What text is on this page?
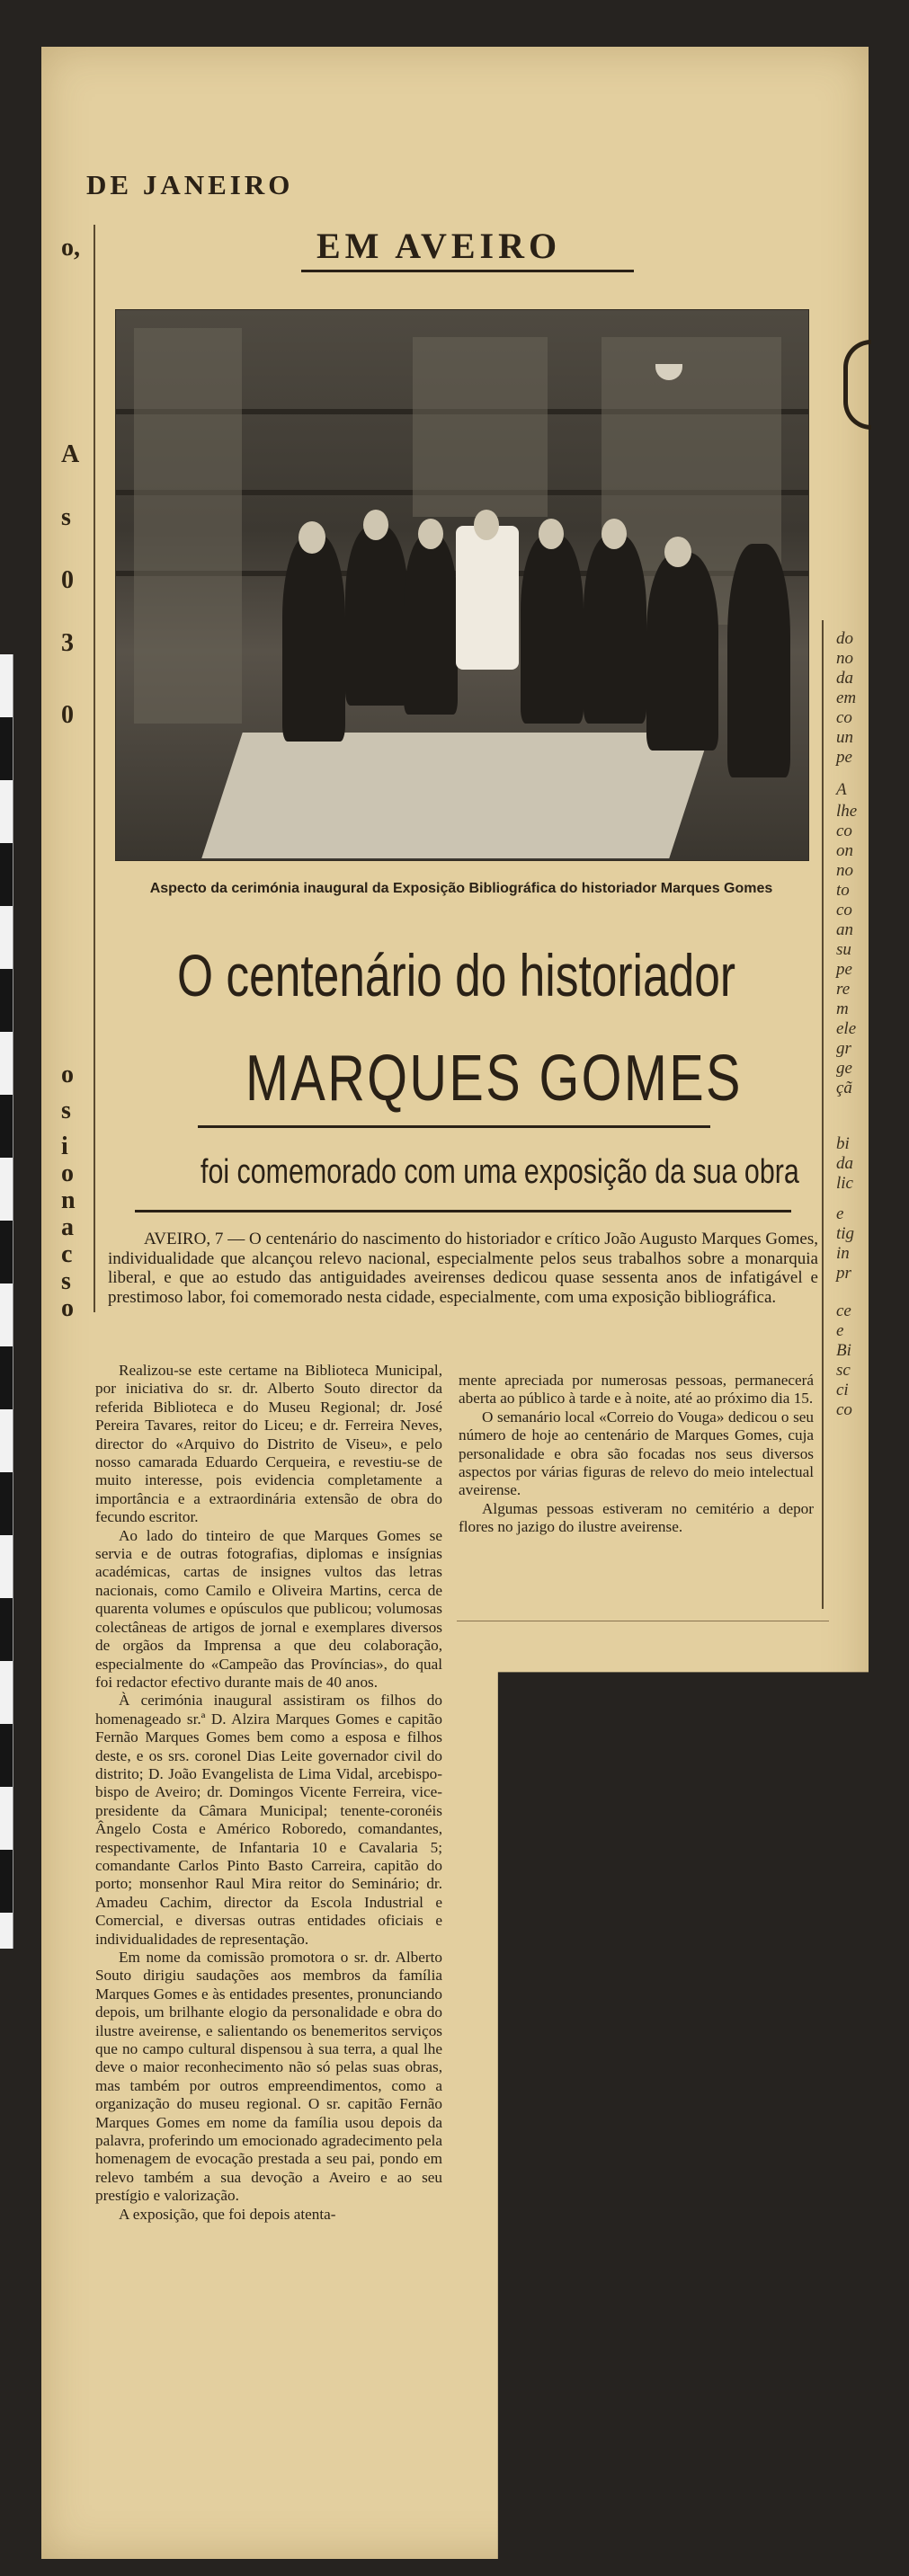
o,
A
s
0
3
0
o
s
i
o
n
a
c
s
o
do
no
da
em
co
un
pe
A
lhe
co
on
no
to
co
an
su
pe
re
m
ele
gr
ge
çã
bi
da
lic
e
tig
in
pr
ce
e
Bi
sc
ci
co
DE JANEIRO
EM AVEIRO
Aspecto da cerimónia inaugural da Exposição Bibliográfica do historiador Marques Gomes
O centenário do historiador
MARQUES GOMES
foi comemorado com uma exposição da sua obra
AVEIRO, 7 — O centenário do nascimento do historiador e crítico João Augusto Marques Gomes, individualidade que alcançou relevo nacional, especialmente pelos seus trabalhos sobre a monarquia liberal, e que ao estudo das antiguidades aveirenses dedicou quase sessenta anos de infatigável e prestimoso labor, foi comemorado nesta cidade, especialmente, com uma exposição bibliográfica.

Realizou-se este certame na Biblioteca Municipal, por iniciativa do sr. dr. Alberto Souto director da referida Biblioteca e do Museu Regional; dr. José Pereira Tavares, reitor do Liceu; e dr. Ferreira Neves, director do «Arquivo do Distrito de Viseu», e pelo nosso camarada Eduardo Cerqueira, e revestiu-se de muito interesse, pois evidencia completamente a importância e a extraordinária extensão de obra do fecundo escritor.

Ao lado do tinteiro de que Marques Gomes se servia e de outras fotografias, diplomas e insígnias académicas, cartas de insignes vultos das letras nacionais, como Camilo e Oliveira Martins, cerca de quarenta volumes e opúsculos que publicou; volumosas colectâneas de artigos de jornal e exemplares diversos de orgãos da Imprensa a que deu colaboração, especialmente do «Campeão das Províncias», do qual foi redactor efectivo durante mais de 40 anos.

À cerimónia inaugural assistiram os filhos do homenageado sr.ª D. Alzira Marques Gomes e capitão Fernão Marques Gomes bem como a esposa e filhos deste, e os srs. coronel Dias Leite governador civil do distrito; D. João Evangelista de Lima Vidal, arcebispo-bispo de Aveiro; dr. Domingos Vicente Ferreira, vice-presidente da Câmara Municipal; tenente-coronéis Ângelo Costa e Américo Roboredo, comandantes, respectivamente, de Infantaria 10 e Cavalaria 5; comandante Carlos Pinto Basto Carreira, capitão do porto; monsenhor Raul Mira reitor do Seminário; dr. Amadeu Cachim, director da Escola Industrial e Comercial, e diversas outras entidades oficiais e individualidades de representação.

Em nome da comissão promotora o sr. dr. Alberto Souto dirigiu saudações aos membros da família Marques Gomes e às entidades presentes, pronunciando depois, um brilhante elogio da personalidade e obra do ilustre aveirense, e salientando os benemeritos serviços que no campo cultural dispensou à sua terra, a qual lhe deve o maior reconhecimento não só pelas suas obras, mas também por outros empreendimentos, como a organização do museu regional. O sr. capitão Fernão Marques Gomes em nome da família usou depois da palavra, proferindo um emocionado agradecimento pela homenagem de evocação prestada a seu pai, pondo em relevo também a sua devoção a Aveiro e ao seu prestígio e valorização.

A exposição, que foi depois atenta-

mente apreciada por numerosas pessoas, permanecerá aberta ao público à tarde e à noite, até ao próximo dia 15.

O semanário local «Correio do Vouga» dedicou o seu número de hoje ao centenário de Marques Gomes, cuja personalidade e obra são focadas nos seus diversos aspectos por várias figuras de relevo do meio intelectual aveirense.

Algumas pessoas estiveram no cemitério a depor flores no jazigo do ilustre aveirense.
